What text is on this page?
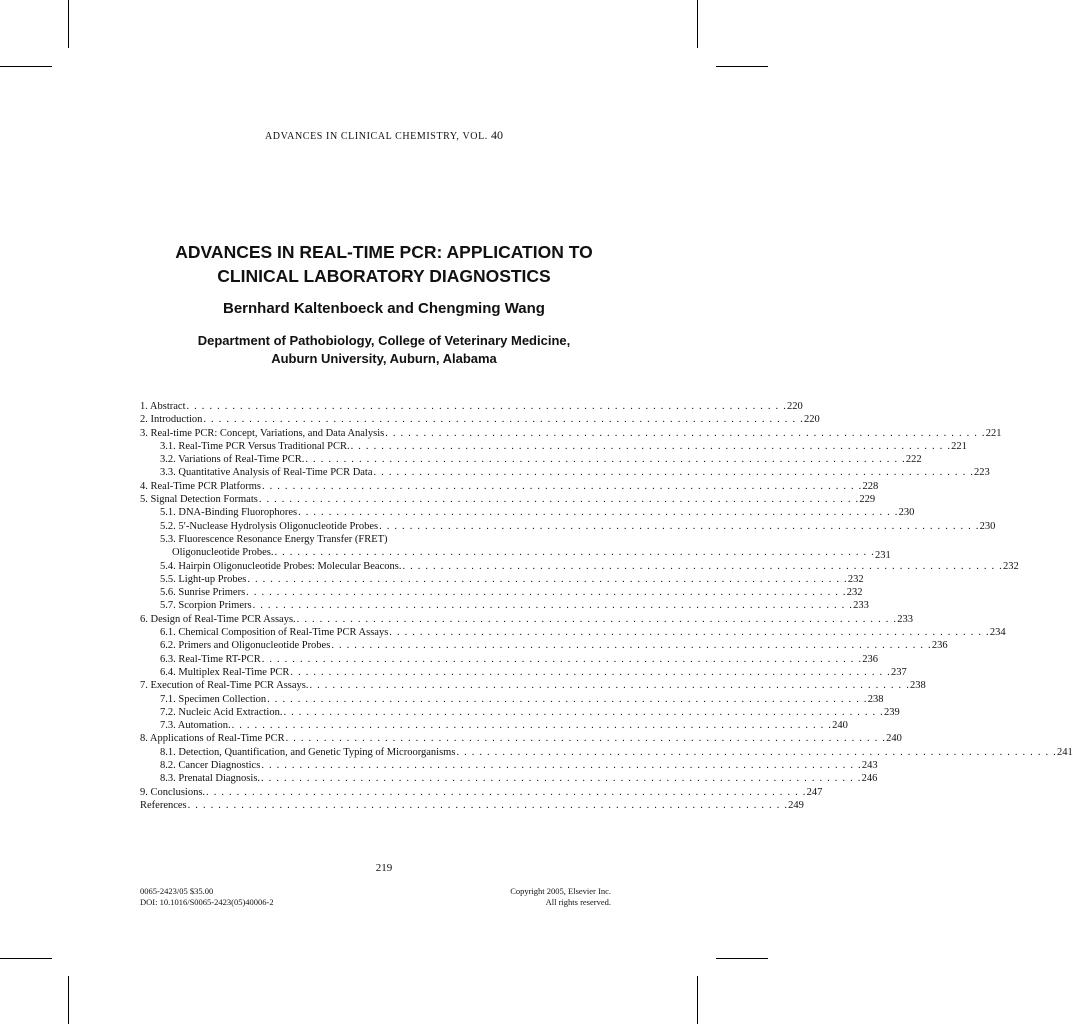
ADVANCES IN CLINICAL CHEMISTRY, VOL. 40
ADVANCES IN REAL-TIME PCR: APPLICATION TO
CLINICAL LABORATORY DIAGNOSTICS
Bernhard Kaltenboeck and Chengming Wang
Department of Pathobiology, College of Veterinary Medicine,
Auburn University, Auburn, Alabama
1. Abstract . . . . . . . . . . . . . . . . . . . . . . . . . . . . . . . . . . . . . . . . . . . . . . . . . . . . . . . . . . . . . . . . . . . . . . . . . . . . . . . 220
2. Introduction . . . . . . . . . . . . . . . . . . . . . . . . . . . . . . . . . . . . . . . . . . . . . . . . . . . . . . . . . . . . . . . . . . . . . . . . . . . . . . . 220
3. Real-time PCR: Concept, Variations, and Data Analysis . . . . . . . . . . . . . . . . . . . . . . . . . . . . . . . . . . . . . . . . . . . . . . . . . . . . . . . . . . . . . . . . . . . . . . . . . . . . . . . 221
3.1. Real-Time PCR Versus Traditional PCR. . . . . . . . . . . . . . . . . . . . . . . . . . . . . . . . . . . . . . . . . . . . . . . . . . . . . . . . . . . . . . . . . . . . . . . . . . . . . . . . 221
3.2. Variations of Real-Time PCR. . . . . . . . . . . . . . . . . . . . . . . . . . . . . . . . . . . . . . . . . . . . . . . . . . . . . . . . . . . . . . . . . . . . . . . . . . . . . . . . 222
3.3. Quantitative Analysis of Real-Time PCR Data . . . . . . . . . . . . . . . . . . . . . . . . . . . . . . . . . . . . . . . . . . . . . . . . . . . . . . . . . . . . . . . . . . . . . . . . . . . . . . . 223
4. Real-Time PCR Platforms . . . . . . . . . . . . . . . . . . . . . . . . . . . . . . . . . . . . . . . . . . . . . . . . . . . . . . . . . . . . . . . . . . . . . . . . . . . . . . . 228
5. Signal Detection Formats . . . . . . . . . . . . . . . . . . . . . . . . . . . . . . . . . . . . . . . . . . . . . . . . . . . . . . . . . . . . . . . . . . . . . . . . . . . . . . . 229
5.1. DNA-Binding Fluorophores . . . . . . . . . . . . . . . . . . . . . . . . . . . . . . . . . . . . . . . . . . . . . . . . . . . . . . . . . . . . . . . . . . . . . . . . . . . . . . . 230
5.2. 5′-Nuclease Hydrolysis Oligonucleotide Probes . . . . . . . . . . . . . . . . . . . . . . . . . . . . . . . . . . . . . . . . . . . . . . . . . . . . . . . . . . . . . . . . . . . . . . . . . . . . . . . 230
5.3. Fluorescence Resonance Energy Transfer (FRET)
Oligonucleotide Probes. . . . . . . . . . . . . . . . . . . . . . . . . . . . . . . . . . . . . . . . . . . . . . . . . . . . . . . . . . . . . . . . . . . . . . . . . . . . . . . . 231
5.4. Hairpin Oligonucleotide Probes: Molecular Beacons. . . . . . . . . . . . . . . . . . . . . . . . . . . . . . . . . . . . . . . . . . . . . . . . . . . . . . . . . . . . . . . . . . . . . . . . . . . . . . . . 232
5.5. Light-up Probes . . . . . . . . . . . . . . . . . . . . . . . . . . . . . . . . . . . . . . . . . . . . . . . . . . . . . . . . . . . . . . . . . . . . . . . . . . . . . . . 232
5.6. Sunrise Primers . . . . . . . . . . . . . . . . . . . . . . . . . . . . . . . . . . . . . . . . . . . . . . . . . . . . . . . . . . . . . . . . . . . . . . . . . . . . . . . 232
5.7. Scorpion Primers . . . . . . . . . . . . . . . . . . . . . . . . . . . . . . . . . . . . . . . . . . . . . . . . . . . . . . . . . . . . . . . . . . . . . . . . . . . . . . . 233
6. Design of Real-Time PCR Assays. . . . . . . . . . . . . . . . . . . . . . . . . . . . . . . . . . . . . . . . . . . . . . . . . . . . . . . . . . . . . . . . . . . . . . . . . . . . . . . . 233
6.1. Chemical Composition of Real-Time PCR Assays . . . . . . . . . . . . . . . . . . . . . . . . . . . . . . . . . . . . . . . . . . . . . . . . . . . . . . . . . . . . . . . . . . . . . . . . . . . . . . . 234
6.2. Primers and Oligonucleotide Probes . . . . . . . . . . . . . . . . . . . . . . . . . . . . . . . . . . . . . . . . . . . . . . . . . . . . . . . . . . . . . . . . . . . . . . . . . . . . . . . 236
6.3. Real-Time RT-PCR . . . . . . . . . . . . . . . . . . . . . . . . . . . . . . . . . . . . . . . . . . . . . . . . . . . . . . . . . . . . . . . . . . . . . . . . . . . . . . . 236
6.4. Multiplex Real-Time PCR . . . . . . . . . . . . . . . . . . . . . . . . . . . . . . . . . . . . . . . . . . . . . . . . . . . . . . . . . . . . . . . . . . . . . . . . . . . . . . . 237
7. Execution of Real-Time PCR Assays. . . . . . . . . . . . . . . . . . . . . . . . . . . . . . . . . . . . . . . . . . . . . . . . . . . . . . . . . . . . . . . . . . . . . . . . . . . . . . . . 238
7.1. Specimen Collection . . . . . . . . . . . . . . . . . . . . . . . . . . . . . . . . . . . . . . . . . . . . . . . . . . . . . . . . . . . . . . . . . . . . . . . . . . . . . . . 238
7.2. Nucleic Acid Extraction. . . . . . . . . . . . . . . . . . . . . . . . . . . . . . . . . . . . . . . . . . . . . . . . . . . . . . . . . . . . . . . . . . . . . . . . . . . . . . . . 239
7.3. Automation. . . . . . . . . . . . . . . . . . . . . . . . . . . . . . . . . . . . . . . . . . . . . . . . . . . . . . . . . . . . . . . . . . . . . . . . . . . . . . . . 240
8. Applications of Real-Time PCR . . . . . . . . . . . . . . . . . . . . . . . . . . . . . . . . . . . . . . . . . . . . . . . . . . . . . . . . . . . . . . . . . . . . . . . . . . . . . . . 240
8.1. Detection, Quantification, and Genetic Typing of Microorganisms . . . . . . . . . . . . . . . . . . . . . . . . . . . . . . . . . . . . . . . . . . . . . . . . . . . . . . . . . . . . . . . . . . . . . . . . . . . . . . . 241
8.2. Cancer Diagnostics . . . . . . . . . . . . . . . . . . . . . . . . . . . . . . . . . . . . . . . . . . . . . . . . . . . . . . . . . . . . . . . . . . . . . . . . . . . . . . . 243
8.3. Prenatal Diagnosis. . . . . . . . . . . . . . . . . . . . . . . . . . . . . . . . . . . . . . . . . . . . . . . . . . . . . . . . . . . . . . . . . . . . . . . . . . . . . . . . 246
9. Conclusions. . . . . . . . . . . . . . . . . . . . . . . . . . . . . . . . . . . . . . . . . . . . . . . . . . . . . . . . . . . . . . . . . . . . . . . . . . . . . . . . 247
References . . . . . . . . . . . . . . . . . . . . . . . . . . . . . . . . . . . . . . . . . . . . . . . . . . . . . . . . . . . . . . . . . . . . . . . . . . . . . . . 249
219
0065-2423/05 $35.00
DOI: 10.1016/S0065-2423(05)40006-2
Copyright 2005, Elsevier Inc.
All rights reserved.
